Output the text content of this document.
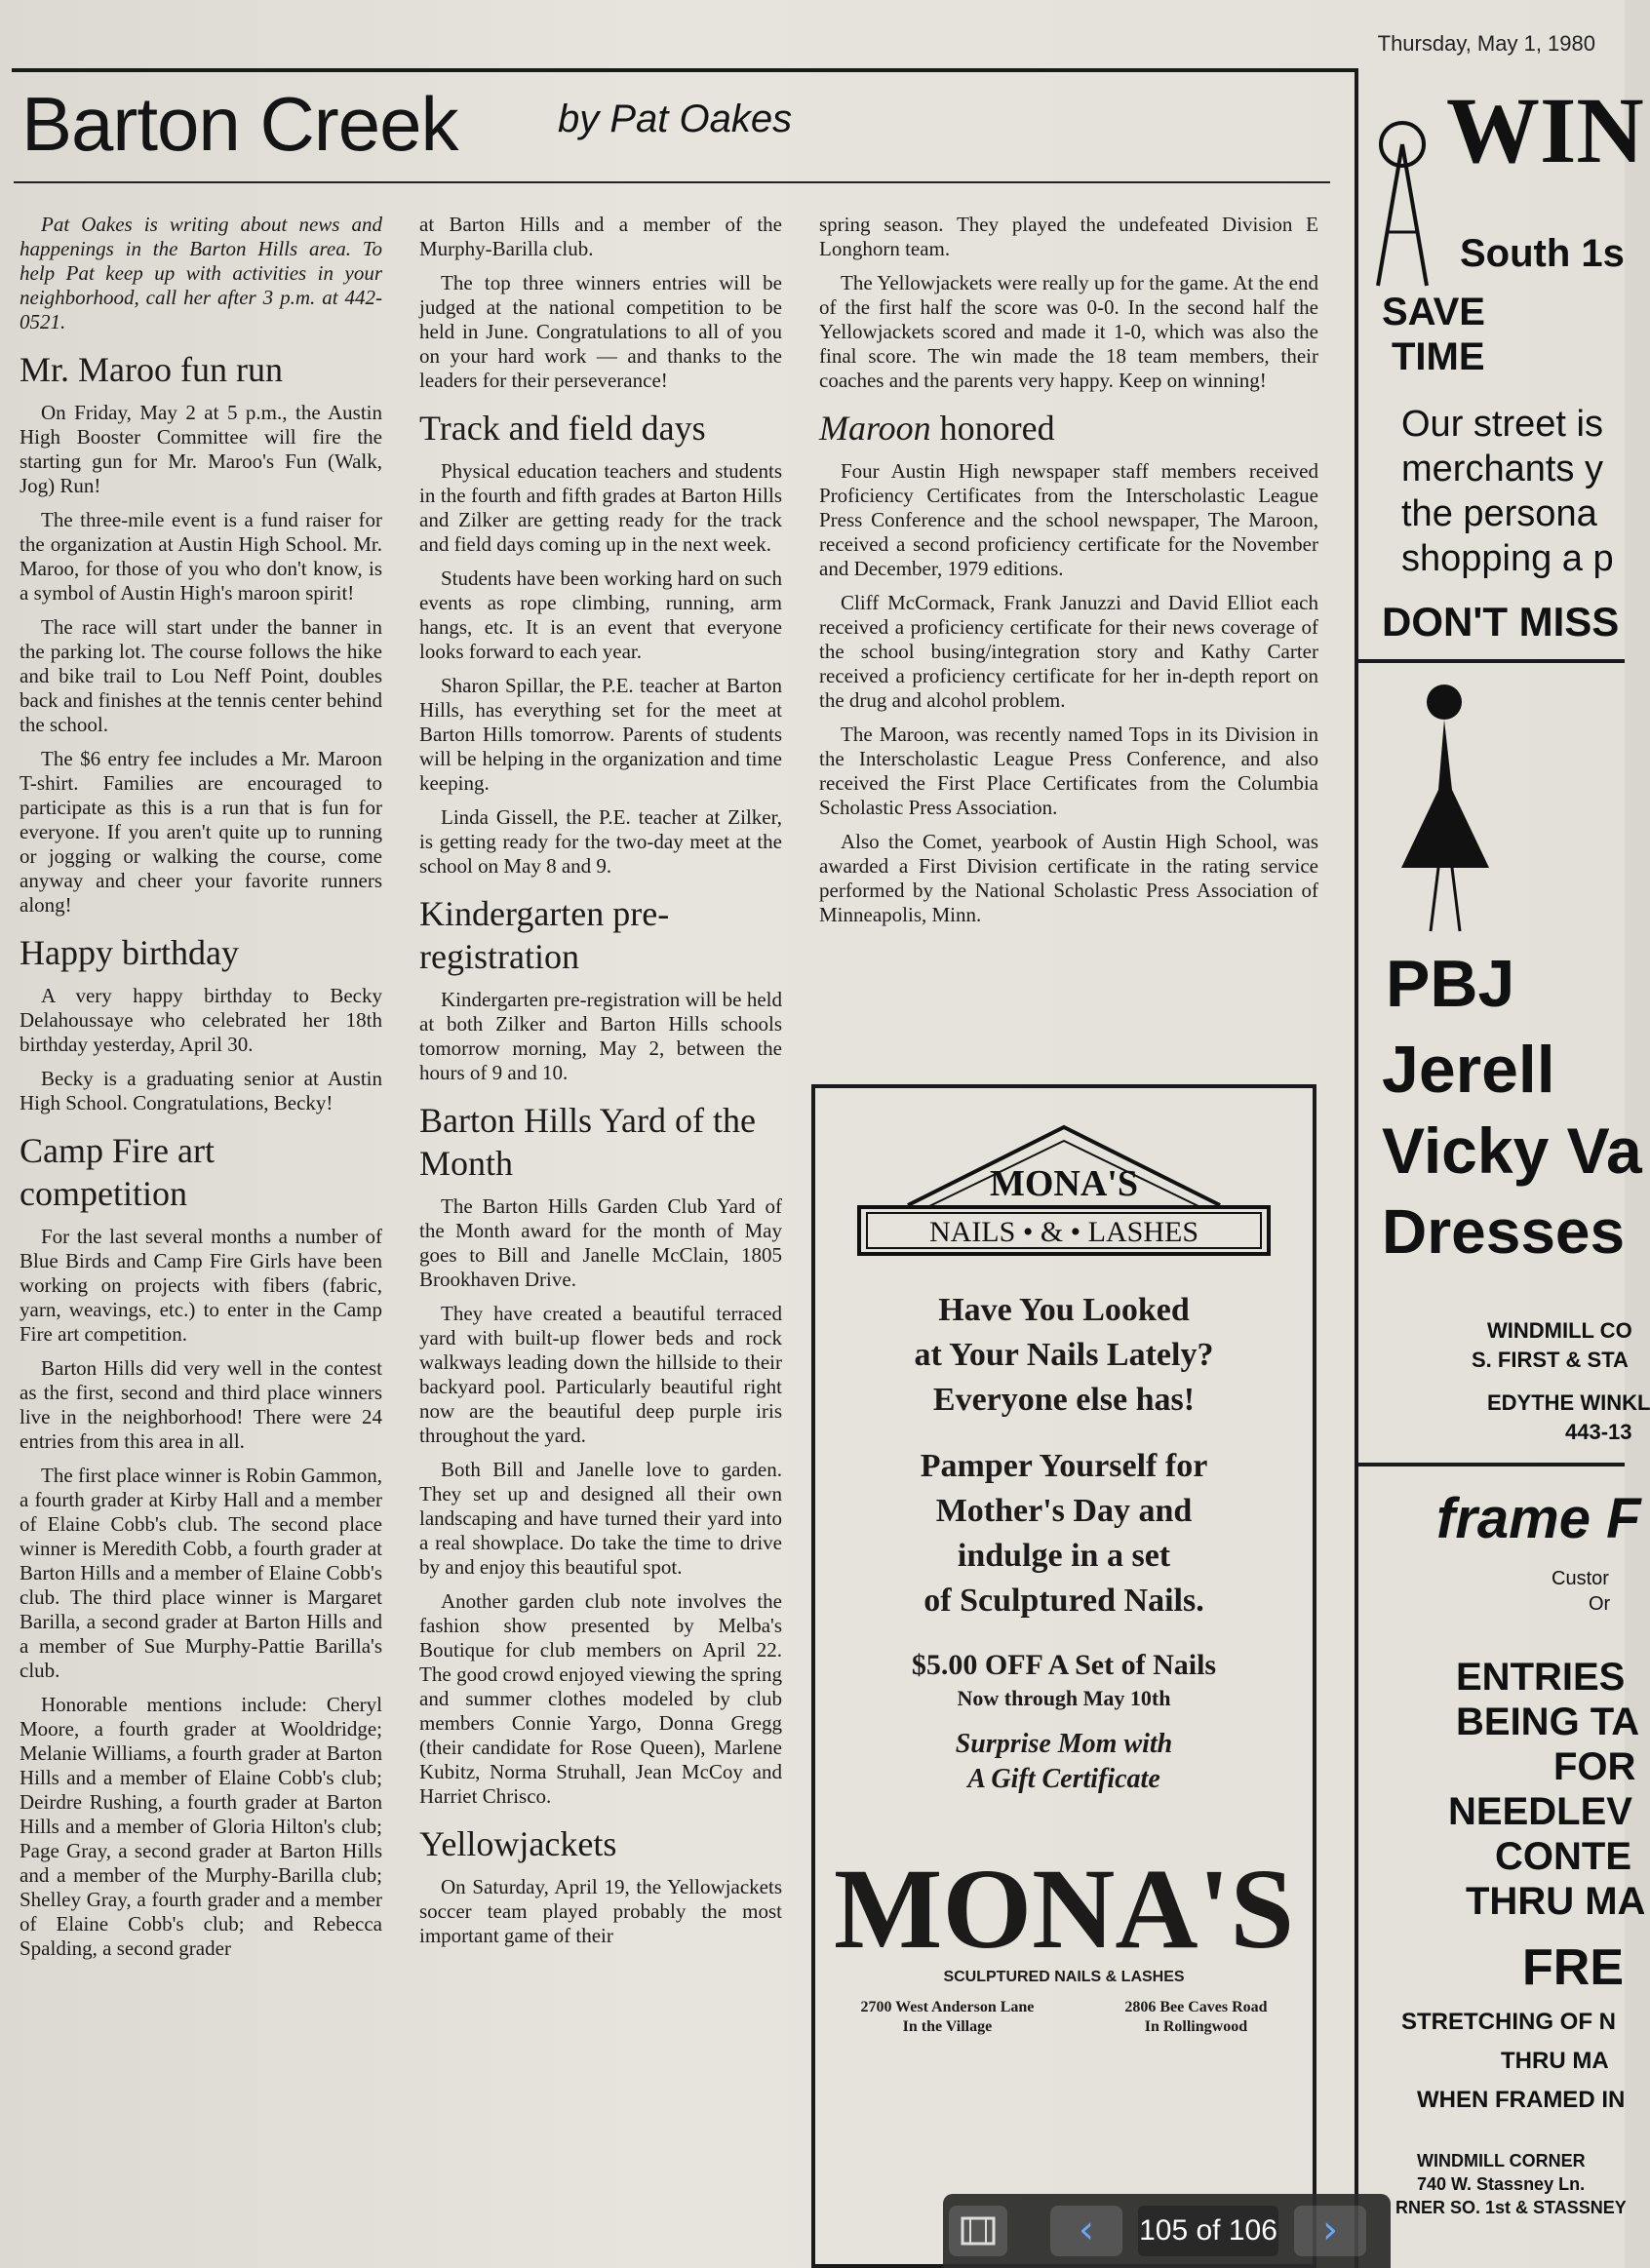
Thursday, May 1, 1980
Barton Creek	by Pat Oakes

Pat Oakes is writing about news and happenings in the Barton Hills area. To help Pat keep up with activities in your neighborhood, call her after 3 p.m. at 442-0521.

Mr. Maroo fun run

On Friday, May 2 at 5 p.m., the Austin High Booster Committee will fire the starting gun for Mr. Maroo's Fun (Walk, Jog) Run!

The three-mile event is a fund raiser for the organization at Austin High School. Mr. Maroo, for those of you who don't know, is a symbol of Austin High's maroon spirit!

The race will start under the banner in the parking lot. The course follows the hike and bike trail to Lou Neff Point, doubles back and finishes at the tennis center behind the school.

The $6 entry fee includes a Mr. Maroon T-shirt. Families are encouraged to participate as this is a run that is fun for everyone. If you aren't quite up to running or jogging or walking the course, come anyway and cheer your favorite runners along!

Happy birthday

A very happy birthday to Becky Delahoussaye who celebrated her 18th birthday yesterday, April 30.

Becky is a graduating senior at Austin High School. Congratulations, Becky!

Camp Fire art competition

For the last several months a number of Blue Birds and Camp Fire Girls have been working on projects with fibers (fabric, yarn, weavings, etc.) to enter in the Camp Fire art competition.

Barton Hills did very well in the contest as the first, second and third place winners live in the neighborhood! There were 24 entries from this area in all.

The first place winner is Robin Gammon, a fourth grader at Kirby Hall and a member of Elaine Cobb's club. The second place winner is Meredith Cobb, a fourth grader at Barton Hills and a member of Elaine Cobb's club. The third place winner is Margaret Barilla, a second grader at Barton Hills and a member of Sue Murphy-Pattie Barilla's club.

Honorable mentions include: Cheryl Moore, a fourth grader at Wooldridge; Melanie Williams, a fourth grader at Barton Hills and a member of Elaine Cobb's club; Deirdre Rushing, a fourth grader at Barton Hills and a member of Gloria Hilton's club; Page Gray, a second grader at Barton Hills and a member of the Murphy-Barilla club; Shelley Gray, a fourth grader and a member of Elaine Cobb's club; and Rebecca Spalding, a second grader

at Barton Hills and a member of the Murphy-Barilla club.

The top three winners entries will be judged at the national competition to be held in June. Congratulations to all of you on your hard work — and thanks to the leaders for their perseverance!

Track and field days

Physical education teachers and students in the fourth and fifth grades at Barton Hills and Zilker are getting ready for the track and field days coming up in the next week.

Students have been working hard on such events as rope climbing, running, arm hangs, etc. It is an event that everyone looks forward to each year.

Sharon Spillar, the P.E. teacher at Barton Hills, has everything set for the meet at Barton Hills tomorrow. Parents of students will be helping in the organization and time keeping.

Linda Gissell, the P.E. teacher at Zilker, is getting ready for the two-day meet at the school on May 8 and 9.

Kindergarten pre-registration

Kindergarten pre-registration will be held at both Zilker and Barton Hills schools tomorrow morning, May 2, between the hours of 9 and 10.

Barton Hills Yard of the Month

The Barton Hills Garden Club Yard of the Month award for the month of May goes to Bill and Janelle McClain, 1805 Brookhaven Drive.

They have created a beautiful terraced yard with built-up flower beds and rock walkways leading down the hillside to their backyard pool. Particularly beautiful right now are the beautiful deep purple iris throughout the yard.

Both Bill and Janelle love to garden. They set up and designed all their own landscaping and have turned their yard into a real showplace. Do take the time to drive by and enjoy this beautiful spot.

Another garden club note involves the fashion show presented by Melba's Boutique for club members on April 22. The good crowd enjoyed viewing the spring and summer clothes modeled by club members Connie Yargo, Donna Gregg (their candidate for Rose Queen), Marlene Kubitz, Norma Struhall, Jean McCoy and Harriet Chrisco.

Yellowjackets

On Saturday, April 19, the Yellowjackets soccer team played probably the most important game of their

spring season. They played the undefeated Division E Longhorn team.

The Yellowjackets were really up for the game. At the end of the first half the score was 0-0. In the second half the Yellowjackets scored and made it 1-0, which was also the final score. The win made the 18 team members, their coaches and the parents very happy. Keep on winning!

Maroon honored

Four Austin High newspaper staff members received Proficiency Certificates from the Interscholastic League Press Conference and the school newspaper, The Maroon, received a second proficiency certificate for the November and December, 1979 editions.

Cliff McCormack, Frank Januzzi and David Elliot each received a proficiency certificate for their news coverage of the school busing/integration story and Kathy Carter received a proficiency certificate for her in-depth report on the drug and alcohol problem.

The Maroon, was recently named Tops in its Division in the Interscholastic League Press Conference, and also received the First Place Certificates from the Columbia Scholastic Press Association.

Also the Comet, yearbook of Austin High School, was awarded a First Division certificate in the rating service performed by the National Scholastic Press Association of Minneapolis, Minn.

MONA'S
NAILS • & • LASHES
Have You Looked
at Your Nails Lately?
Everyone else has!
Pamper Yourself for
Mother's Day and
indulge in a set
of Sculptured Nails.
$5.00 OFF A Set of Nails
Now through May 10th
Surprise Mom with
A Gift Certificate
MONA'S
SCULPTURED NAILS & LASHES
2700 West Anderson Lane
In the Village
2806 Bee Caves Road
In Rollingwood
WIN
South 1s
SAVE
TIME
Our street is
merchants y
the persona
shopping a p
DON'T MISS
PBJ
Jerell
Vicky Va
Dresses
WINDMILL CO
S. FIRST & STA
EDYTHE WINKL
443-13
frame F
Custor
Or
ENTRIES
BEING TA
FOR
NEEDLEV
CONTE
THRU MA
FRE
STRETCHING OF N
THRU MA
WHEN FRAMED IN
WINDMILL CORNER
740 W. Stassney Ln.
RNER SO. 1st & STASSNEY
‹	105 of 106	›
